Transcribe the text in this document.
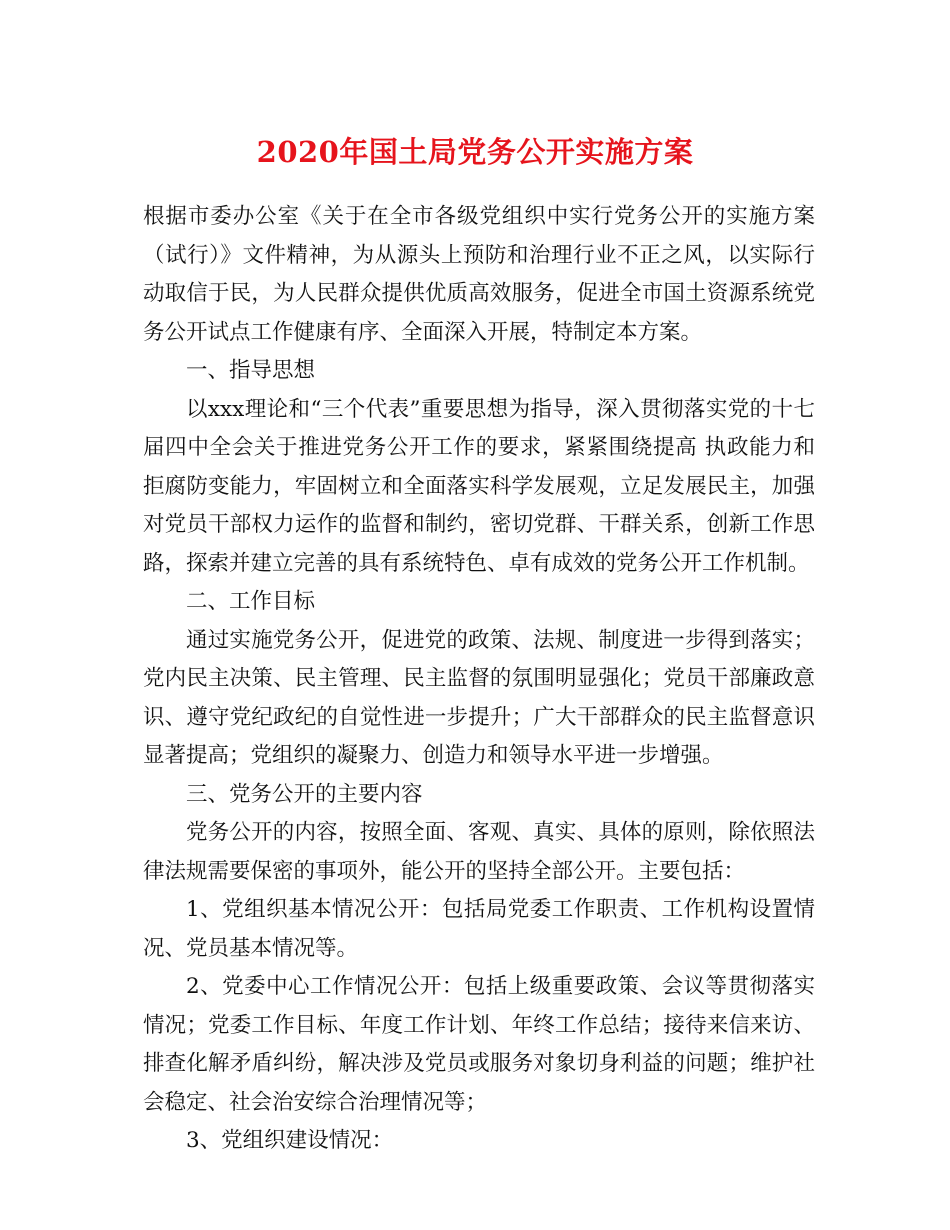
2020年国土局党务公开实施方案

根据市委办公室《关于在全市各级党组织中实行党务公开的实施方案（试行）》文件精神，为从源头上预防和治理行业不正之风，以实际行动取信于民，为人民群众提供优质高效服务，促进全市国土资源系统党务公开试点工作健康有序、全面深入开展，特制定本方案。

一、指导思想

以xxx理论和“三个代表”重要思想为指导，深入贯彻落实党的十七届四中全会关于推进党务公开工作的要求，紧紧围绕提高 执政能力和拒腐防变能力，牢固树立和全面落实科学发展观，立足发展民主，加强对党员干部权力运作的监督和制约，密切党群、干群关系，创新工作思路，探索并建立完善的具有系统特色、卓有成效的党务公开工作机制。

二、工作目标

通过实施党务公开，促进党的政策、法规、制度进一步得到落实；党内民主决策、民主管理、民主监督的氛围明显强化；党员干部廉政意识、遵守党纪政纪的自觉性进一步提升；广大干部群众的民主监督意识显著提高；党组织的凝聚力、创造力和领导水平进一步增强。

三、党务公开的主要内容

党务公开的内容，按照全面、客观、真实、具体的原则，除依照法律法规需要保密的事项外，能公开的坚持全部公开。主要包括：

1、党组织基本情况公开：包括局党委工作职责、工作机构设置情况、党员基本情况等。

2、党委中心工作情况公开：包括上级重要政策、会议等贯彻落实情况；党委工作目标、年度工作计划、年终工作总结；接待来信来访、排查化解矛盾纠纷，解决涉及党员或服务对象切身利益的问题；维护社会稳定、社会治安综合治理情况等；

3、党组织建设情况：
